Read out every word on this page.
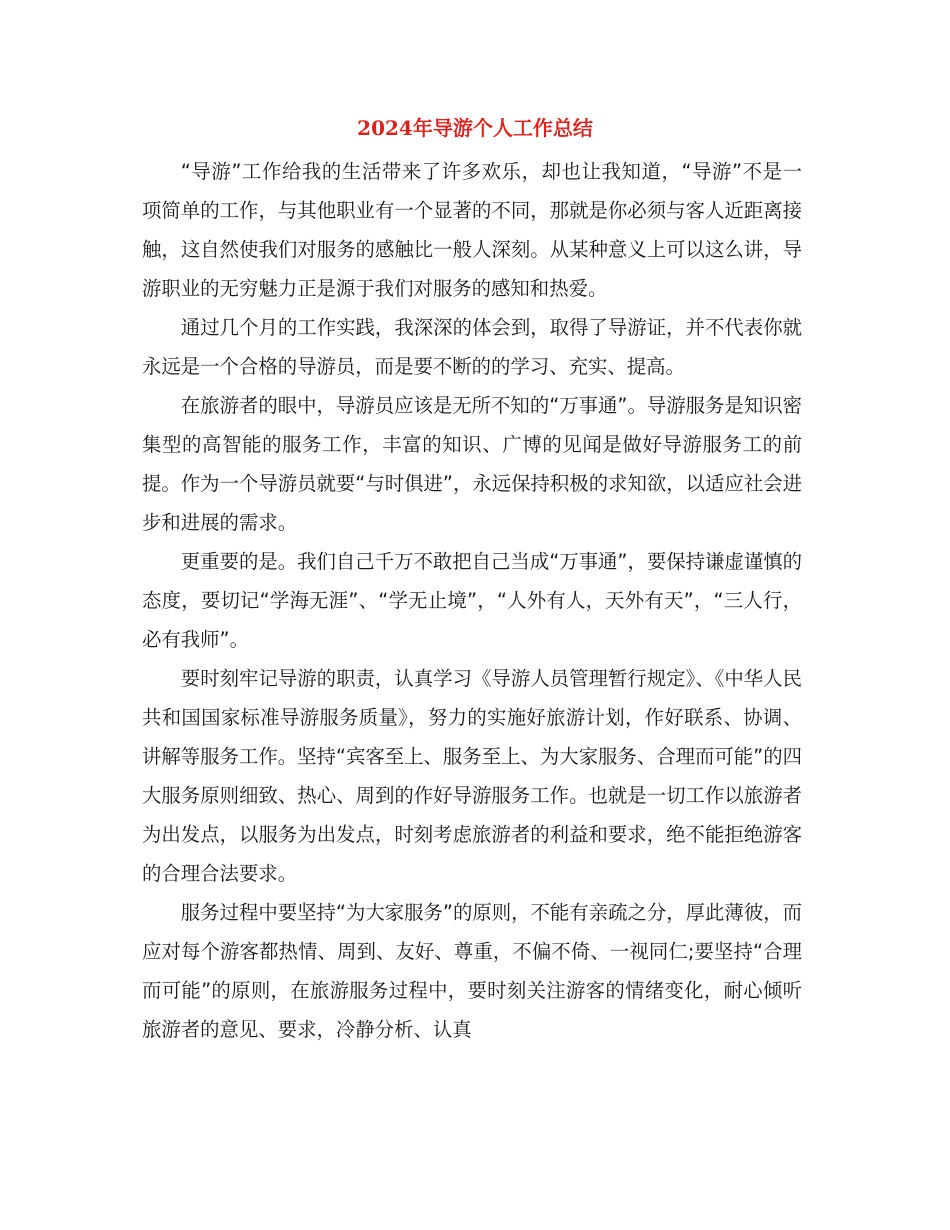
2024年导游个人工作总结

“导游”工作给我的生活带来了许多欢乐，却也让我知道，“导游”不是一项简单的工作，与其他职业有一个显著的不同，那就是你必须与客人近距离接触，这自然使我们对服务的感触比一般人深刻。从某种意义上可以这么讲，导游职业的无穷魅力正是源于我们对服务的感知和热爱。

通过几个月的工作实践，我深深的体会到，取得了导游证，并不代表你就永远是一个合格的导游员，而是要不断的的学习、充实、提高。

在旅游者的眼中，导游员应该是无所不知的“万事通”。导游服务是知识密集型的高智能的服务工作，丰富的知识、广博的见闻是做好导游服务工的前提。作为一个导游员就要“与时俱进”，永远保持积极的求知欲，以适应社会进步和进展的需求。

更重要的是。我们自己千万不敢把自己当成“万事通”，要保持谦虚谨慎的态度，要切记“学海无涯”、“学无止境”，“人外有人，天外有天”，“三人行，必有我师”。

要时刻牢记导游的职责，认真学习《导游人员管理暂行规定》、《中华人民共和国国家标准导游服务质量》，努力的实施好旅游计划，作好联系、协调、讲解等服务工作。坚持“宾客至上、服务至上、为大家服务、合理而可能”的四大服务原则细致、热心、周到的作好导游服务工作。也就是一切工作以旅游者为出发点，以服务为出发点，时刻考虑旅游者的利益和要求，绝不能拒绝游客的合理合法要求。

服务过程中要坚持“为大家服务”的原则，不能有亲疏之分，厚此薄彼，而应对每个游客都热情、周到、友好、尊重，不偏不倚、一视同仁;要坚持“合理而可能”的原则，在旅游服务过程中，要时刻关注游客的情绪变化，耐心倾听旅游者的意见、要求，冷静分析、认真
